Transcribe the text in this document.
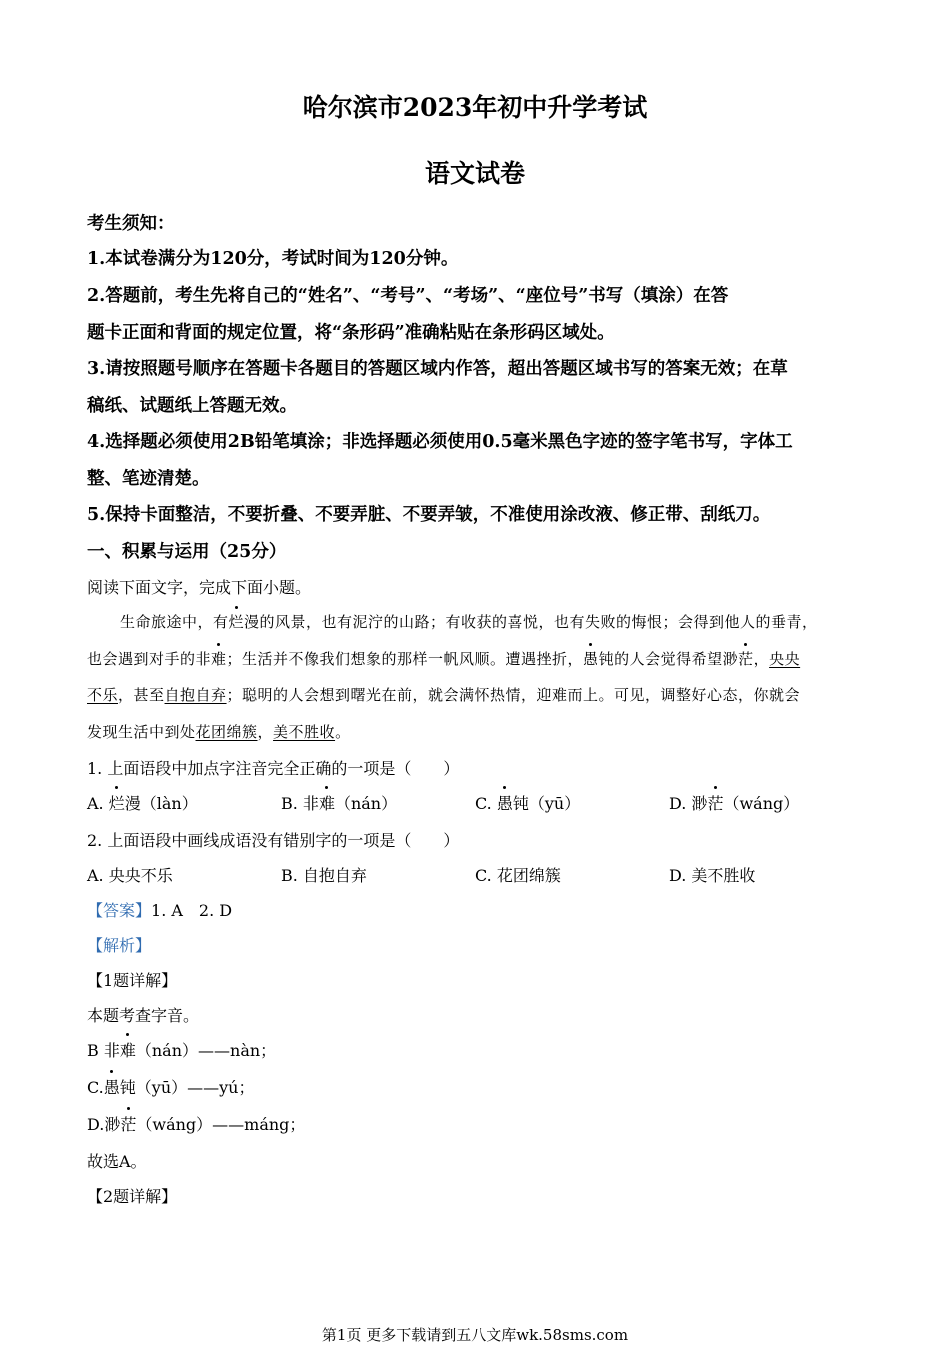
哈尔滨市2023年初中升学考试
语文试卷
考生须知：
1.本试卷满分为120分，考试时间为120分钟。
2.答题前，考生先将自己的“姓名”、“考号”、“考场”、“座位号”书写（填涂）在答
题卡正面和背面的规定位置，将“条形码”准确粘贴在条形码区域处。
3.请按照题号顺序在答题卡各题目的答题区域内作答，超出答题区域书写的答案无效；在草
稿纸、试题纸上答题无效。
4.选择题必须使用2B铅笔填涂；非选择题必须使用0.5毫米黑色字迹的签字笔书写，字体工
整、笔迹清楚。
5.保持卡面整洁，不要折叠、不要弄脏、不要弄皱，不准使用涂改液、修正带、刮纸刀。
一、积累与运用（25分）
阅读下面文字，完成下面小题。
生命旅途中，有烂漫的风景，也有泥泞的山路；有收获的喜悦，也有失败的悔恨；会得到他人的垂青，
也会遇到对手的非难；生活并不像我们想象的那样一帆风顺。遭遇挫折，愚钝的人会觉得希望渺茫，央央
不乐，甚至自抱自弃；聪明的人会想到曙光在前，就会满怀热情，迎难而上。可见，调整好心态，你就会
发现生活中到处花团绵簇，美不胜收。
1. 上面语段中加点字注音完全正确的一项是（　　）
A. 烂漫（làn）	B. 非难（nán）	C. 愚钝（yū）	D. 渺茫（wáng）
2. 上面语段中画线成语没有错别字的一项是（　　）
A. 央央不乐	B. 自抱自弃	C. 花团绵簇	D. 美不胜收
【答案】1. A　2. D
【解析】
【1题详解】
本题考查字音。
B 非难（nán）——nàn；
C.愚钝（yū）——yú；
D.渺茫（wáng）——máng；
故选A。
【2题详解】
第1页 更多下载请到五八文库wk.58sms.com
